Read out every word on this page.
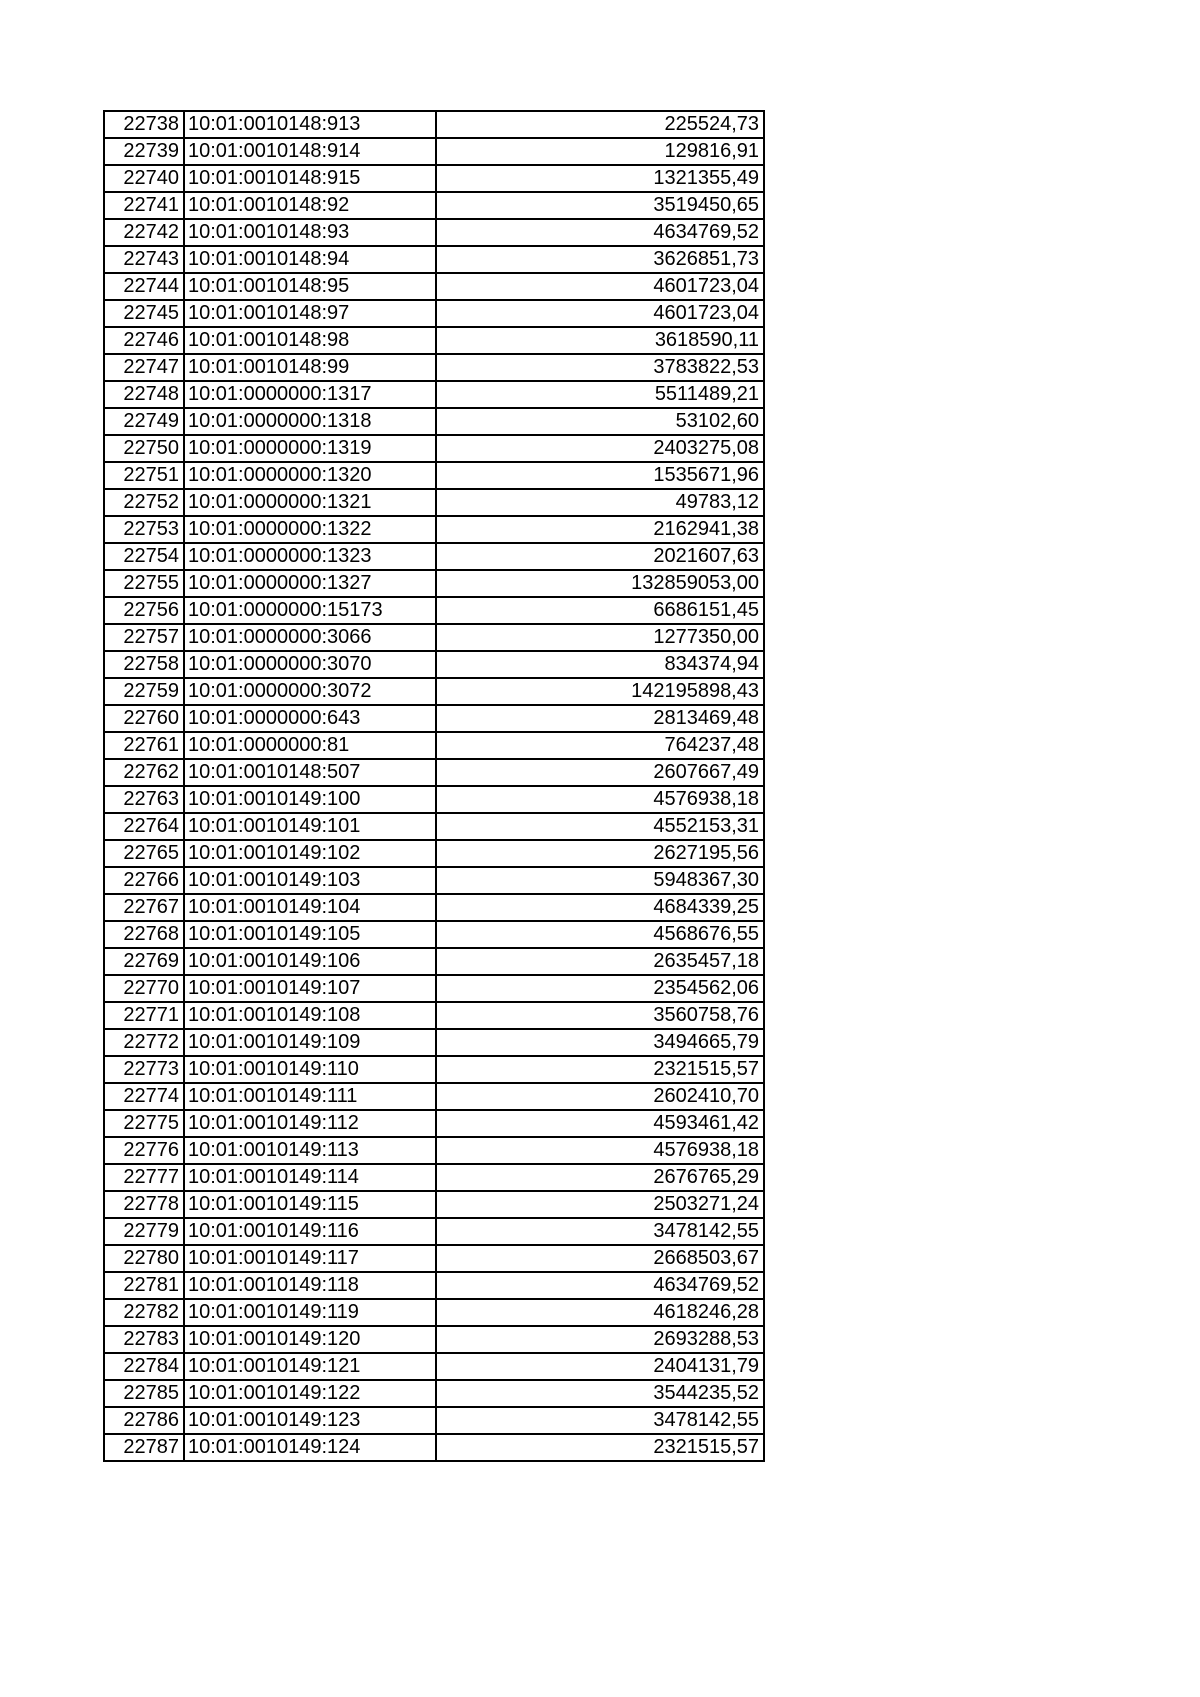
22738	10:01:0010148:913	225524,73
22739	10:01:0010148:914	129816,91
22740	10:01:0010148:915	1321355,49
22741	10:01:0010148:92	3519450,65
22742	10:01:0010148:93	4634769,52
22743	10:01:0010148:94	3626851,73
22744	10:01:0010148:95	4601723,04
22745	10:01:0010148:97	4601723,04
22746	10:01:0010148:98	3618590,11
22747	10:01:0010148:99	3783822,53
22748	10:01:0000000:1317	5511489,21
22749	10:01:0000000:1318	53102,60
22750	10:01:0000000:1319	2403275,08
22751	10:01:0000000:1320	1535671,96
22752	10:01:0000000:1321	49783,12
22753	10:01:0000000:1322	2162941,38
22754	10:01:0000000:1323	2021607,63
22755	10:01:0000000:1327	132859053,00
22756	10:01:0000000:15173	6686151,45
22757	10:01:0000000:3066	1277350,00
22758	10:01:0000000:3070	834374,94
22759	10:01:0000000:3072	142195898,43
22760	10:01:0000000:643	2813469,48
22761	10:01:0000000:81	764237,48
22762	10:01:0010148:507	2607667,49
22763	10:01:0010149:100	4576938,18
22764	10:01:0010149:101	4552153,31
22765	10:01:0010149:102	2627195,56
22766	10:01:0010149:103	5948367,30
22767	10:01:0010149:104	4684339,25
22768	10:01:0010149:105	4568676,55
22769	10:01:0010149:106	2635457,18
22770	10:01:0010149:107	2354562,06
22771	10:01:0010149:108	3560758,76
22772	10:01:0010149:109	3494665,79
22773	10:01:0010149:110	2321515,57
22774	10:01:0010149:111	2602410,70
22775	10:01:0010149:112	4593461,42
22776	10:01:0010149:113	4576938,18
22777	10:01:0010149:114	2676765,29
22778	10:01:0010149:115	2503271,24
22779	10:01:0010149:116	3478142,55
22780	10:01:0010149:117	2668503,67
22781	10:01:0010149:118	4634769,52
22782	10:01:0010149:119	4618246,28
22783	10:01:0010149:120	2693288,53
22784	10:01:0010149:121	2404131,79
22785	10:01:0010149:122	3544235,52
22786	10:01:0010149:123	3478142,55
22787	10:01:0010149:124	2321515,57
